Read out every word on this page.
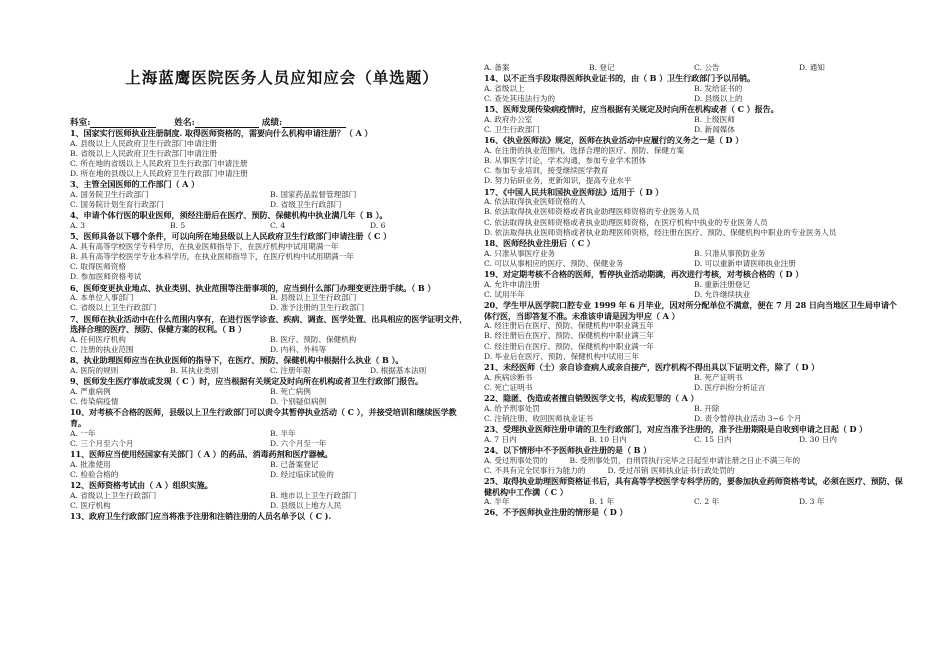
上海蓝鹰医院医务人员应知应会（单选题）
科室:	姓名:	成绩:

1、国家实行医师执业注册制度. 取得医师资格的，需要向什么机构申请注册？（ A ）

A. 县级以上人民政府卫生行政部门申请注册
B. 省级以上人民政府卫生行政部门申请注册
C. 所在地的省级以上人民政府卫生行政部门申请注册
D. 所在地的县级以上人民政府卫生行政部门申请注册

3、主管全国医师的工作部门（ A ）

A. 国务院卫生行政部门	B. 国家药品监督管理部门
C. 国务院计划生育行政部门	D. 省级卫生行政部门

4、申请个体行医的职业医师，须经注册后在医疗、预防、保健机构中执业满几年（ B ）。

A. 3	B. 5	C. 4	D. 6

5、医师具备以下哪个条件，可以向所在地县级以上人民政府卫生行政部门申请注册（ C ）

A. 具有高等学校医学专科学历，在执业医师指导下，在医疗机构中试用期满一年
B. 具有高等学校医学专业本科学历，在执业医师指导下，在医疗机构中试用期满一年
C. 取得医师资格
D. 参加医师资格考试

6、医师变更执业地点、执业类别、执业范围等注册事项的，应当到什么部门办理变更注册手续。（ B ）

A. 本单位人事部门	B. 县级以上卫生行政部门
C. 省级以上卫生行政部门	D. 准予注册的卫生行政部门

7、医师在执业活动中在什么范围内享有，在进行医学诊查、疾病、调查、医学处置、出具相应的医学证明文件，选择合理的医疗、预防、保健方案的权利。（ B ）

A. 任何医疗机构	B. 医疗、预防、保健机构
C. 注册的执业范围	D. 内科、外科等

8、执业助理医师应当在执业医师的指导下，在医疗、预防、保健机构中根据什么执业（ B ）。

A. 医院的规则	B. 其执业类别	C. 注册年限	D. 根据基本法则

9、医师发生医疗事故或发现（ C ）时，应当根据有关规定及时向所在机构或者卫生行政部门报告。

A. 严重病例	B. 死亡病例
C. 传染病疫情	D. 个别疑似病例

10、对考核不合格的医师，县级以上卫生行政部门可以责令其暂停执业活动（ C ），并接受培训和继续医学教育。

A. 一年	B. 半年
C. 三个月至六个月	D. 六个月至一年

11、医师应当使用经国家有关部门（ A ）的药品、消毒药剂和医疗器械。

A. 批准使用	B. 已备案登记
C. 检验合格的	D. 经过临床试验的

12、医师资格考试由（ A ）组织实施。

A. 省级以上卫生行政部门	B. 地市以上卫生行政部门
C. 医疗机构	D. 县级以上地方人民

13、政府卫生行政部门应当将准予注册和注销注册的人员名单予以（ C ).

A. 备案	B. 登记	C. 公告	D. 通知

14、以不正当手段取得医师执业证书的，由（ B ）卫生行政部门予以吊销。

A. 省级以上	B. 发给证书的
C. 查处其违法行为的	D. 县级以上的

15、医师发现传染病疫情时，应当根据有关规定及时向所在机构或者（ C ）报告。

A. 政府办公室	B. 上级医师
C. 卫生行政部门	D. 新闻媒体

16、《执业医师法》规定，医师在执业活动中应履行的义务之一是（ D ）

A. 在注册的执业范围内，选择合理的医疗、预防、保健方案
B. 从事医学讨论，学术沟通，参加专业学术团体
C. 参加专业培训，接受继续医学教育
D. 努力钻研业务，更新知识，提高专业水平

17、《中国人民共和国执业医师法》适用于（ D ）

A. 依法取得执业医师资格的人
B. 依法取得执业医师资格或者执业助理医师资格的专业医务人员
C. 依法取得执业医师资格或者执业助理医师资格，在医疗机构中执业的专业医务人员
D. 依法取得执业医师资格或者执业助理医师资格，经注册在医疗、预防、保健机构中职业的专业医务人员

18、医师经执业注册后（ C ）

A. 只准从事医疗业务	B. 只准从事预防业务
C. 可以从事相应的医疗、预防、保健业务	D. 可以重新申请医师执业注册

19、对定期考核不合格的医师，暂停执业活动期满，再次进行考核，对考核合格的（ D ）

A. 允许申请注册	B. 重新注册登记
C. 试用半年	D. 允许继续执业

20、学生甲从医学院口腔专业 1999 年 6 月毕业，因对所分配单位不满意，便在 7 月 28 日向当地区卫生局申请个体行医，当即答复不准。未准该申请是因为甲应（ A ）

A. 经注册后在医疗、预防、保健机构中职业满五年
B. 经注册后在医疗、预防、保健机构中职业满三年
C. 经注册后在医疗、预防、保健机构中职业满一年
D. 毕业后在医疗、预防、保健机构中试用三年

21、未经医师（士）亲自诊查病人或亲自接产，医疗机构不得出具以下证明文件，除了（ D ）

A. 疾病诊断书	B. 死产证明书
C. 死亡证明书	D. 医疗纠纷分析证言

22、隐匿、伪造或者擅自销毁医学文书，构成犯罪的（ A ）

A. 给予刑事处罚	B. 开除
C. 注销注册、收回医师执业证书	D. 责令暂停执业活动 3~6 个月

23、受理执业医师注册申请的卫生行政部门，对应当准予注册的，准予注册期限是自收到申请之日起（ D ）

A. 7 日内	B. 10 日内	C. 15 日内	D. 30 日内

24、以下情形中不予医师执业注册的是（ B ）

A. 受过刑事处罚的	B. 受刑事处罚，自刑罚执行完毕之日起至申请注册之日止不满三年的
C. 不具有完全民事行为能力的	D. 受过吊销 医师执业证书行政处罚的

25、取得执业助理医师资格证书后，具有高等学校医学专科学历的，要参加执业药师资格考试，必须在医疗、预防、保健机构中工作满（ C ）

A. 半年	B. 1 年	C. 2 年	D. 3 年

26、不予医师执业注册的情形是（ D ）
